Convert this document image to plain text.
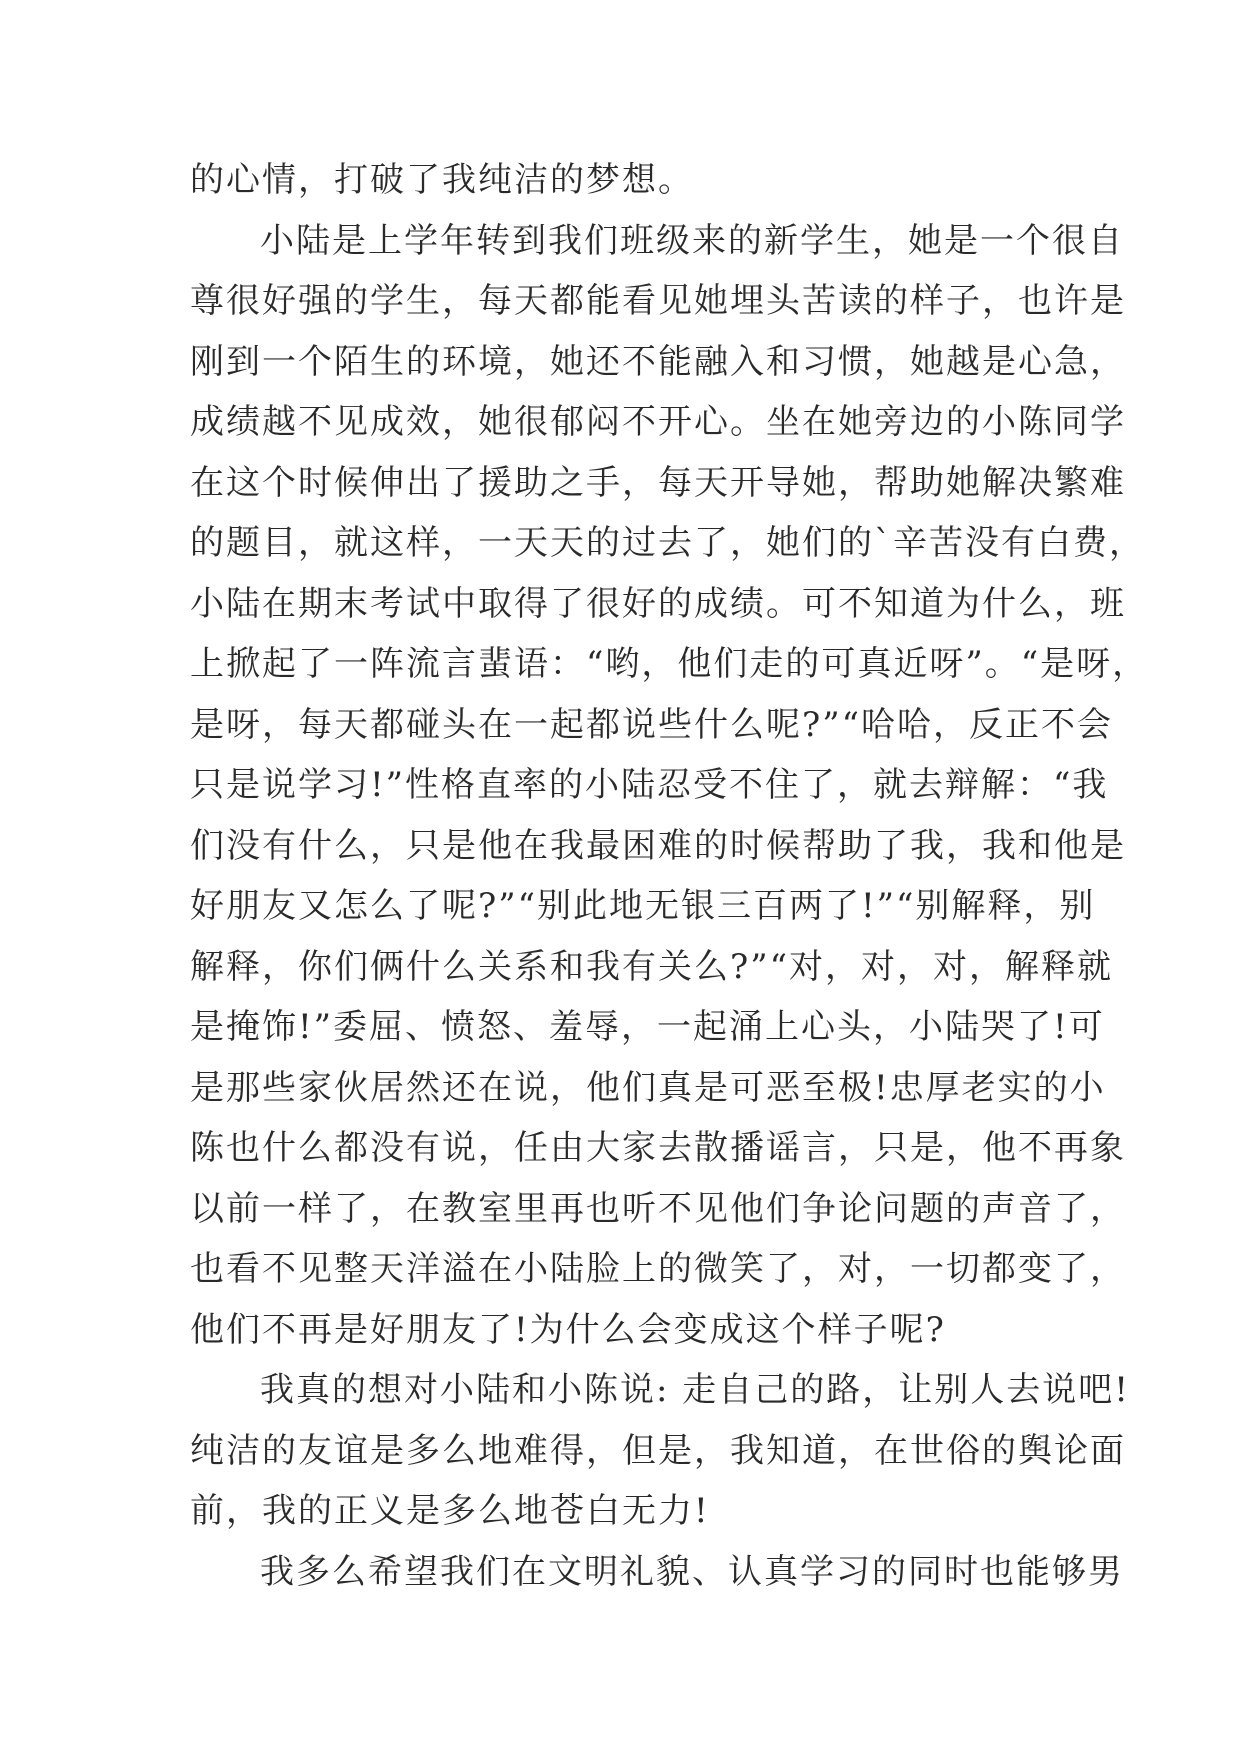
的心情，打破了我纯洁的梦想。
小陆是上学年转到我们班级来的新学生，她是一个很自
尊很好强的学生，每天都能看见她埋头苦读的样子，也许是
刚到一个陌生的环境，她还不能融入和习惯，她越是心急，
成绩越不见成效，她很郁闷不开心。坐在她旁边的小陈同学
在这个时候伸出了援助之手，每天开导她，帮助她解决繁难
的题目，就这样，一天天的过去了，她们的`辛苦没有白费，
小陆在期末考试中取得了很好的成绩。可不知道为什么，班
上掀起了一阵流言蜚语：“哟，他们走的可真近呀”。“是呀，
是呀，每天都碰头在一起都说些什么呢?”“哈哈，反正不会
只是说学习!”性格直率的小陆忍受不住了，就去辩解：“我
们没有什么，只是他在我最困难的时候帮助了我，我和他是
好朋友又怎么了呢?”“别此地无银三百两了!”“别解释，别
解释，你们俩什么关系和我有关么?”“对，对，对，解释就
是掩饰!”委屈、愤怒、羞辱，一起涌上心头，小陆哭了!可
是那些家伙居然还在说，他们真是可恶至极!忠厚老实的小
陈也什么都没有说，任由大家去散播谣言，只是，他不再象
以前一样了，在教室里再也听不见他们争论问题的声音了，
也看不见整天洋溢在小陆脸上的微笑了，对，一切都变了，
他们不再是好朋友了!为什么会变成这个样子呢?
我真的想对小陆和小陈说: 走自己的路，让别人去说吧!
纯洁的友谊是多么地难得，但是，我知道，在世俗的舆论面
前，我的正义是多么地苍白无力!
我多么希望我们在文明礼貌、认真学习的同时也能够男
